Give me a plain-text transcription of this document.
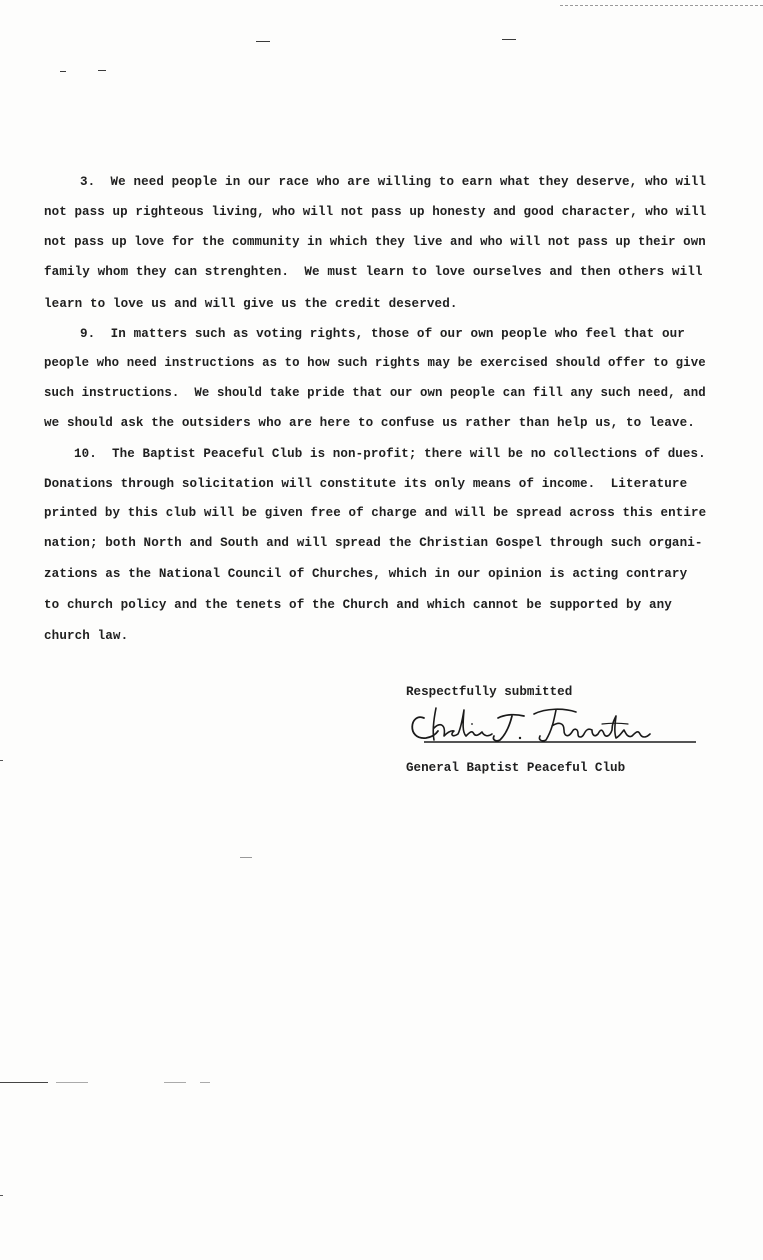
3.  We need people in our race who are willing to earn what they deserve, who will

not pass up righteous living, who will not pass up honesty and good character, who will

not pass up love for the community in which they live and who will not pass up their own

family whom they can strenghten.  We must learn to love ourselves and then others will

learn to love us and will give us the credit deserved.

9.  In matters such as voting rights, those of our own people who feel that our

people who need instructions as to how such rights may be exercised should offer to give

such instructions.  We should take pride that our own people can fill any such need, and

we should ask the outsiders who are here to confuse us rather than help us, to leave.

10.  The Baptist Peaceful Club is non-profit; there will be no collections of dues.

Donations through solicitation will constitute its only means of income.  Literature

printed by this club will be given free of charge and will be spread across this entire

nation; both North and South and will spread the Christian Gospel through such organi-

zations as the National Council of Churches, which in our opinion is acting contrary

to church policy and the tenets of the Church and which cannot be supported by any

church law.

Respectfully submitted
General Baptist Peaceful Club
